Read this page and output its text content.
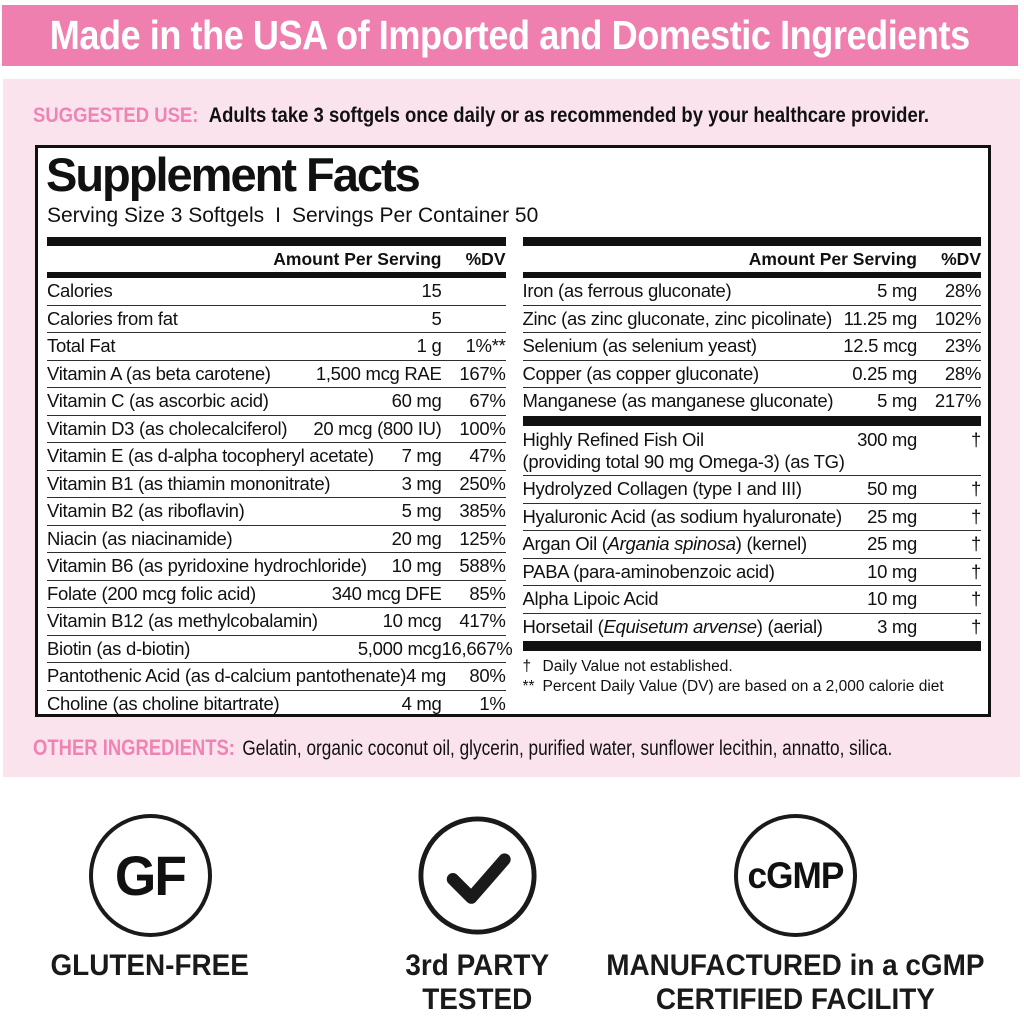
Made in the USA of Imported and Domestic Ingredients
SUGGESTED USE: Adults take 3 softgels once daily or as recommended by your healthcare provider.
Supplement Facts
Serving Size 3 Softgels I Servings Per Container 50
Amount Per Serving	%DV
Calories	15
Calories from fat	5
Total Fat	1 g	1%**
Vitamin A (as beta carotene)	1,500 mcg RAE 167%
Vitamin C (as ascorbic acid)	60 mg	67%
Vitamin D3 (as cholecalciferol)	20 mcg (800 IU) 100%
Vitamin E (as d-alpha tocopheryl acetate)	7 mg	47%
Vitamin B1 (as thiamin mononitrate)	3 mg 250%
Vitamin B2 (as riboflavin)	5 mg 385%
Niacin (as niacinamide)	20 mg 125%
Vitamin B6 (as pyridoxine hydrochloride)	10 mg 588%
Folate (200 mcg folic acid)	340 mcg DFE	85%
Vitamin B12 (as methylcobalamin)	10 mcg 417%
Biotin (as d-biotin)	5,000 mcg 16,667%
Pantothenic Acid (as d-calcium pantothenate) 4 mg	80%
Choline (as choline bitartrate)	4 mg	1%
Amount Per Serving	%DV
Iron (as ferrous gluconate)	5 mg	28%
Zinc (as zinc gluconate, zinc picolinate) 11.25 mg 102%
Selenium (as selenium yeast)	12.5 mcg	23%
Copper (as copper gluconate)	0.25 mg	28%
Manganese (as manganese gluconate)	5 mg 217%
Highly Refined Fish Oil	300 mg	†
(providing total 90 mg Omega-3) (as TG)
Hydrolyzed Collagen (type I and III)	50 mg	†
Hyaluronic Acid (as sodium hyaluronate)	25 mg	†
Argan Oil (Argania spinosa) (kernel)	25 mg	†
PABA (para-aminobenzoic acid)	10 mg	†
Alpha Lipoic Acid	10 mg	†
Horsetail (Equisetum arvense) (aerial)	3 mg	†
† Daily Value not established.
** Percent Daily Value (DV) are based on a 2,000 calorie diet
OTHER INGREDIENTS: Gelatin, organic coconut oil, glycerin, purified water, sunflower lecithin, annatto, silica.
GF
GLUTEN-FREE	3rd PARTY
TESTED
cGMP
MANUFACTURED in a cGMP
CERTIFIED FACILITY
